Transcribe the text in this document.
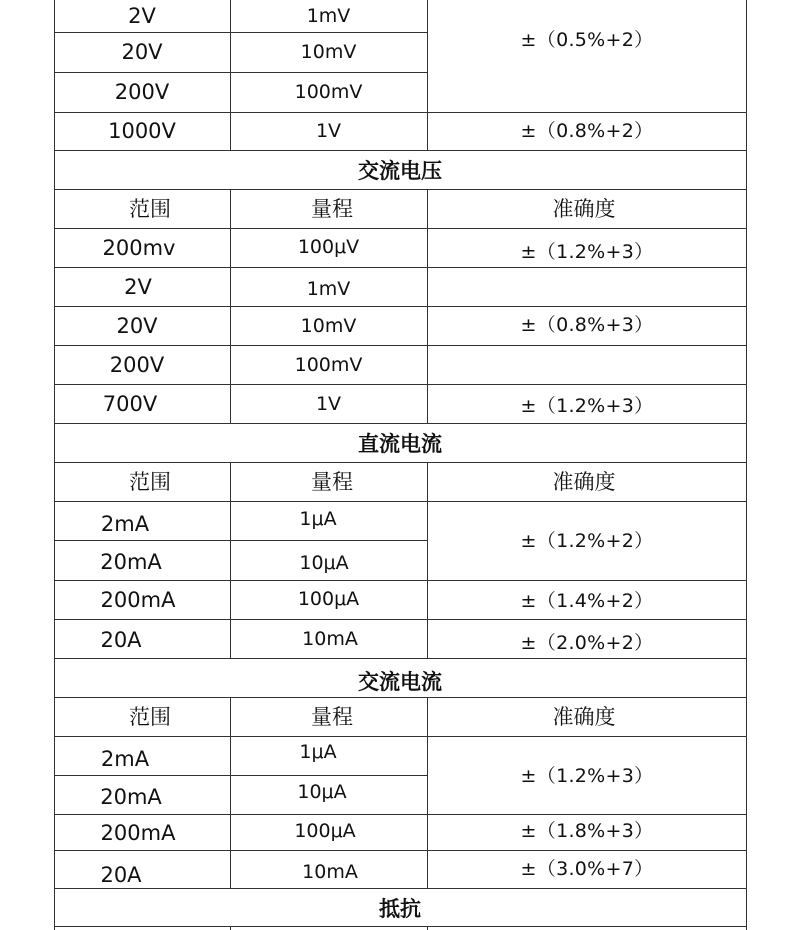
2V	1mV
20V	10mV
200V	100mV
±（0.5%+2）
1000V	1V	±（0.8%+2）
交流电压
范围	量程	准确度
200mv	100μV	±（1.2%+3）
2V	1mV
20V	10mV	±（0.8%+3）
200V	100mV
700V	1V	±（1.2%+3）
直流电流
范围	量程	准确度
2mA	1μA
20mA	10μA
±（1.2%+2）
200mA	100μA	±（1.4%+2）
20A	10mA	±（2.0%+2）
交流电流
范围	量程	准确度
2mA	1μA
20mA	10μA
±（1.2%+3）
200mA	100μA	±（1.8%+3）
20A	10mA	±（3.0%+7）
抵抗
